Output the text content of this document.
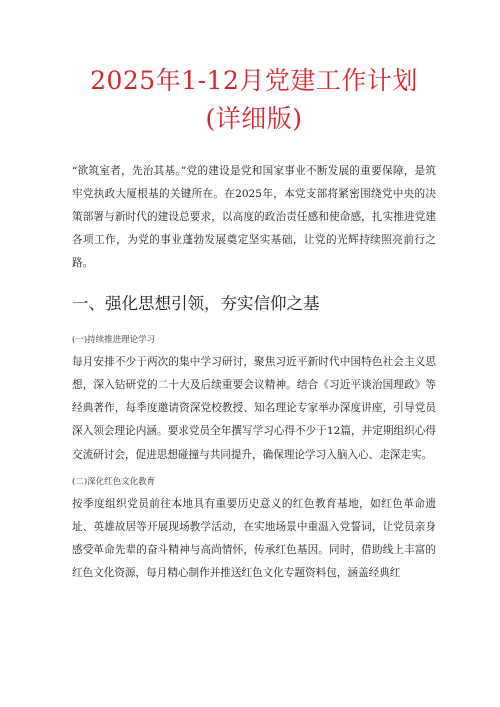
2025年1-12月党建工作计划
(详细版)

“欲筑室者，先治其基。”党的建设是党和国家事业不断发展的重要保障，是筑牢党执政大厦根基的关键所在。在2025年，本党支部将紧密围绕党中央的决策部署与新时代的建设总要求，以高度的政治责任感和使命感，扎实推进党建各项工作，为党的事业蓬勃发展奠定坚实基础，让党的光辉持续照亮前行之路。

一、强化思想引领，夯实信仰之基
(一)持续推进理论学习

每月安排不少于两次的集中学习研讨，聚焦习近平新时代中国特色社会主义思想，深入钻研党的二十大及后续重要会议精神。结合《习近平谈治国理政》等经典著作，每季度邀请资深党校教授、知名理论专家举办深度讲座，引导党员深入领会理论内涵。要求党员全年撰写学习心得不少于12篇，并定期组织心得交流研讨会，促进思想碰撞与共同提升，确保理论学习入脑入心、走深走实。

(二)深化红色文化教育

按季度组织党员前往本地具有重要历史意义的红色教育基地，如红色革命遗址、英雄故居等开展现场教学活动，在实地场景中重温入党誓词，让党员亲身感受革命先辈的奋斗精神与高尚情怀，传承红色基因。同时，借助线上丰富的红色文化资源，每月精心制作并推送红色文化专题资料包，涵盖经典红
